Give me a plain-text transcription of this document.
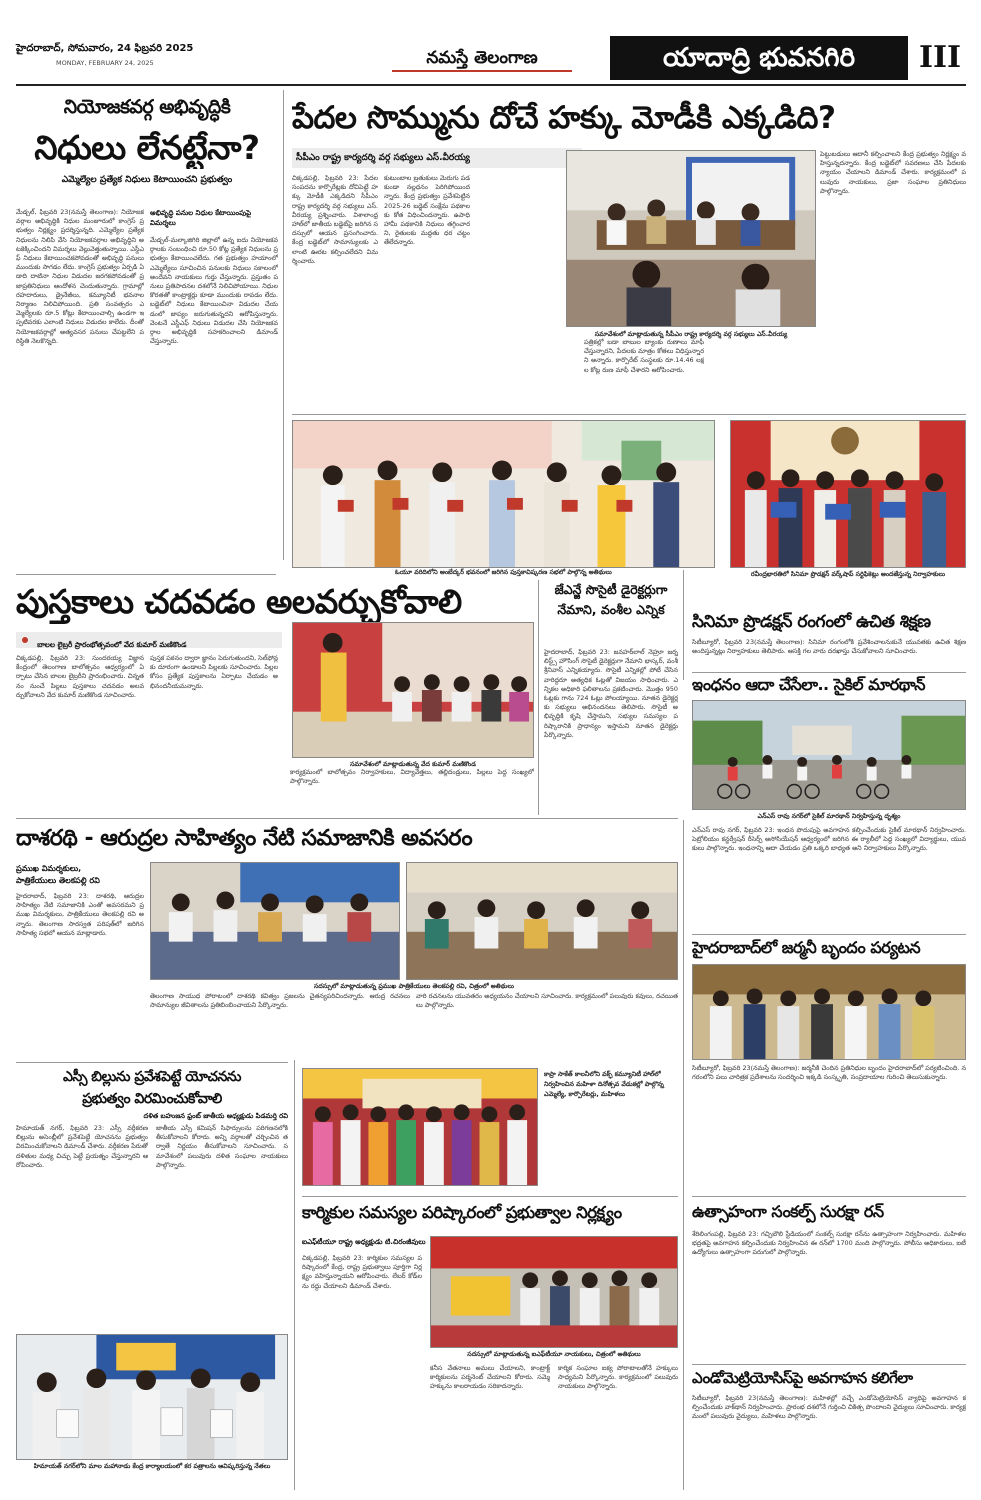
హైదరాబాద్, సోమవారం, 24 ఫిబ్రవరి 2025
MONDAY, FEBRUARY 24, 2025	నమస్తే తెలంగాణ	యాదాద్రి భువనగిరి	III
నియోజకవర్గ అభివృద్ధికి
నిధులు లేనట్టేనా?
ఎమ్మెల్యేల ప్రత్యేక నిధులు కేటాయించని ప్రభుత్వం
మేడ్చల్, ఫిబ్రవరి 23(నమస్తే తెలంగాణ): నియోజకవర్గాల అభివృద్ధికి నిధుల మంజూరులో కాంగ్రెస్ ప్రభుత్వం నిర్లక్ష్యం ప్రదర్శిస్తున్నది. ఎమ్మెల్యేల ప్రత్యేక నిధులను నిలిపి వేసి నియోజకవర్గాల అభివృద్ధిని అటకెక్కించిందని విమర్శలు వెల్లువెత్తుతున్నాయి. ఎస్డీఎఫ్ నిధులు కేటాయించకపోవడంతో అభివృద్ధి పనులు ముందుకు సాగడం లేదు. కాంగ్రెస్ ప్రభుత్వం ఏర్పడి ఏడాది దాటినా నిధుల విడుదల జరగకపోవడంతో ప్రజాప్రతినిధులు ఆందోళన చెందుతున్నారు. గ్రామాల్లో రహదారులు, డ్రైనేజీలు, కమ్యూనిటీ భవనాల నిర్మాణం నిలిచిపోయింది. ప్రతి సంవత్సరం ఎమ్మెల్యేలకు రూ.5 కోట్లు కేటాయించాల్సి ఉండగా ఇప్పటివరకు ఎలాంటి నిధులు విడుదల కాలేదు. దీంతో నియోజకవర్గాల్లో అత్యవసర పనులు చేపట్టలేని పరిస్థితి నెలకొన్నది.
అభివృద్ధి పనుల నిధుల కేటాయింపుపై విమర్శలు
మేడ్చల్-మల్కాజిగిరి జిల్లాలో ఉన్న ఐదు నియోజకవర్గాలకు సంబంధించి రూ.50 కోట్ల ప్రత్యేక నిధులను ప్రభుత్వం కేటాయించలేదు. గత ప్రభుత్వం హయాంలో ఎమ్మెల్యేలు సూచించిన పనులకు నిధులు సకాలంలో అందేవని నాయకులు గుర్తు చేస్తున్నారు. ప్రస్తుతం పనులు ప్రతిపాదనల దశలోనే నిలిచిపోయాయి. నిధుల కొరతతో కాంట్రాక్టర్లు కూడా ముందుకు రావడం లేదు. బడ్జెట్‌లో నిధులు కేటాయించినా విడుదల చేయడంలో జాప్యం జరుగుతున్నదని ఆరోపిస్తున్నారు. వెంటనే ఎస్డీఎఫ్ నిధులు విడుదల చేసి నియోజకవర్గాల అభివృద్ధికి సహకరించాలని డిమాండ్ చేస్తున్నారు.
పేదల సొమ్మును దోచే హక్కు మోడీకి ఎక్కడిది?
సీపీఎం రాష్ట్ర కార్యదర్శి వర్గ సభ్యులు ఎస్.వీరయ్య
చిక్కడపల్లి, ఫిబ్రవరి 23: పేదల సంపదను కార్పొరేట్లకు దోచిపెట్టే హక్కు మోడీకి ఎక్కడిదని సీపీఎం రాష్ట్ర కార్యదర్శి వర్గ సభ్యులు ఎస్.వీరయ్య ప్రశ్నించారు. విశాలాంధ్ర హాల్‌లో జాతీయ బడ్జెట్‌పై జరిగిన సదస్సులో ఆయన ప్రసంగించారు. కేంద్ర బడ్జెట్‌లో సామాన్యులకు ఎలాంటి ఊరట కల్పించలేదని విమర్శించారు.
కుటుంబాల బ్రతుకులు మెరుగు పడకుండా నల్లధనం పెరిగిపోయిందన్నారు. కేంద్ర ప్రభుత్వం ప్రవేశపెట్టిన 2025-26 బడ్జెట్ సంక్షేమ పథకాలకు కోత విధించిందన్నారు. ఉపాధి హామీ పథకానికి నిధులు తగ్గించారని, రైతులకు మద్దతు ధర చట్టం తేలేదన్నారు.
పత్రికల్లో బడా బాబుల బ్యాంకు రుణాలు మాఫీ చేస్తున్నారని, పేదలకు మాత్రం కోతలు విధిస్తున్నారని అన్నారు. కార్పొరేట్ సంస్థలకు రూ.14.46 లక్షల కోట్ల రుణ మాఫీ చేశారని ఆరోపించారు.
పెట్టుబడులు ఆదానీ కల్పించాలని కేంద్ర ప్రభుత్వం నిర్లక్ష్యం వహిస్తున్నదన్నారు. కేంద్ర బడ్జెట్‌లో సవరణలు చేసి పేదలకు న్యాయం చేయాలని డిమాండ్ చేశారు. కార్యక్రమంలో పలువురు నాయకులు, ప్రజా సంఘాల ప్రతినిధులు పాల్గొన్నారు.
సమావేశంలో మాట్లాడుతున్న సీపీఎం రాష్ట్ర కార్యదర్శి వర్గ సభ్యులు ఎస్.వీరయ్య
ఓయూ వరిదిలోని అంబేద్కర్ భవనంలో జరిగిన పుస్తకావిష్కరణ సభలో పాల్గొన్న అతిథులు	రవీంద్రభారతిలో సినిమా ప్రొడక్షన్ వర్క్‌షాప్ సర్టిఫికెట్లు అందజేస్తున్న నిర్వాహకులు
పుస్తకాలు చదవడం అలవర్చుకోవాలి
బాలల లైబ్రరీ ప్రారంభోత్సవంలో వేద కుమార్ మణికొండ
చిక్కడపల్లి, ఫిబ్రవరి 23: సుందరయ్య విజ్ఞాన కేంద్రంలో తెలంగాణ బాలోత్సవం ఆధ్వర్యంలో ఏర్పాటు చేసిన బాలల లైబ్రరీని ప్రారంభించారు. చిన్నతనం నుంచే పిల్లలు పుస్తకాలు చదవడం అలవర్చుకోవాలని వేద కుమార్ మణికొండ సూచించారు.
పుస్తక పఠనం ద్వారా జ్ఞానం పెరుగుతుందని, సెల్‌ఫోన్లకు దూరంగా ఉండాలని పిల్లలకు సూచించారు. పిల్లల కోసం ప్రత్యేక పుస్తకాలను ఏర్పాటు చేయడం అభినందనీయమన్నారు.
కార్యక్రమంలో బాలోత్సవం నిర్వాహకులు, విద్యావేత్తలు, తల్లిదండ్రులు, పిల్లలు పెద్ద సంఖ్యలో పాల్గొన్నారు.
సమావేశంలో మాట్లాడుతున్న వేద కుమార్ మణికొండ
జేఎన్జే సొసైటీ డైరెక్టర్లుగా నేమాని, వంశీల ఎన్నిక
హైదరాబాద్, ఫిబ్రవరి 23: జవహర్‌లాల్ నెహ్రూ జర్నలిస్ట్స్ హౌసింగ్ సొసైటీ డైరెక్టర్లుగా నేమాని భాస్కర్, వంశీ శ్రీనివాస్ ఎన్నికయ్యారు. సొసైటీ ఎన్నికల్లో పోటీ చేసిన వారిద్దరూ అత్యధిక ఓట్లతో విజయం సాధించారు. ఎన్నికల అధికారి ఫలితాలను ప్రకటించారు. మొత్తం 950 ఓట్లకు గాను 724 ఓట్లు పోలయ్యాయి. నూతన డైరెక్టర్లకు సభ్యులు అభినందనలు తెలిపారు. సొసైటీ అభివృద్ధికి కృషి చేస్తామని, సభ్యుల సమస్యల పరిష్కారానికి ప్రాధాన్యం ఇస్తామని నూతన డైరెక్టర్లు పేర్కొన్నారు.
సినిమా ప్రొడక్షన్ రంగంలో ఉచిత శిక్షణ
సిటీబ్యూరో, ఫిబ్రవరి 23(నమస్తే తెలంగాణ): సినిమా రంగంలోకి ప్రవేశించాలనుకునే యువతకు ఉచిత శిక్షణ అందిస్తున్నట్లు నిర్వాహకులు తెలిపారు. ఆసక్తి గల వారు దరఖాస్తు చేసుకోవాలని సూచించారు.
ఇంధనం ఆదా చేసేలా.. సైకిల్ మారథాన్
ఎన్‌ఎస్ రావు నగర్‌లో సైకిల్ మారథాన్ నిర్వహిస్తున్న దృశ్యం
ఎన్‌ఎస్ రావు నగర్, ఫిబ్రవరి 23: ఇంధన పొదుపుపై అవగాహన కల్పించేందుకు సైకిల్ మారథాన్ నిర్వహించారు. పెట్రోలియం కన్జర్వేషన్ రీసెర్చ్ అసోసియేషన్ ఆధ్వర్యంలో జరిగిన ఈ ర్యాలీలో పెద్ద సంఖ్యలో విద్యార్థులు, యువకులు పాల్గొన్నారు. ఇంధనాన్ని ఆదా చేయడం ప్రతి ఒక్కరి బాధ్యత అని నిర్వాహకులు పేర్కొన్నారు.
దాశరథి - ఆరుద్రల సాహిత్యం నేటి సమాజానికి అవసరం
ప్రముఖ విమర్శకులు,
పాత్రికేయులు తెలకపల్లి రవి
హైదరాబాద్, ఫిబ్రవరి 23: దాశరథి, ఆరుద్రల సాహిత్యం నేటి సమాజానికి ఎంతో అవసరమని ప్రముఖ విమర్శకులు, పాత్రికేయులు తెలకపల్లి రవి అన్నారు. తెలంగాణ సారస్వత పరిషత్‌లో జరిగిన సాహిత్య సభలో ఆయన మాట్లాడారు.
తెలంగాణ సాయుధ పోరాటంలో దాశరథి కవిత్వం ప్రజలను చైతన్యపరిచిందన్నారు. ఆరుద్ర రచనలు సామాన్యుల జీవితాలను ప్రతిబింబించాయని పేర్కొన్నారు.
వారి రచనలను యువతరం అధ్యయనం చేయాలని సూచించారు. కార్యక్రమంలో పలువురు కవులు, రచయితలు పాల్గొన్నారు.
సదస్సులో మాట్లాడుతున్న ప్రముఖ పాత్రికేయులు తెలకపల్లి రవి, చిత్రంలో అతిథులు
హైదరాబాద్‌లో జర్మనీ బృందం పర్యటన
సిటీబ్యూరో, ఫిబ్రవరి 23(నమస్తే తెలంగాణ): జర్మనీకి చెందిన ప్రతినిధుల బృందం హైదరాబాద్‌లో పర్యటించింది. నగరంలోని పలు చారిత్రక ప్రదేశాలను సందర్శించి ఇక్కడి సంస్కృతి, సంప్రదాయాల గురించి తెలుసుకున్నారు.
ఎస్సీ బిల్లును ప్రవేశపెట్టే యోచనను
ప్రభుత్వం విరమించుకోవాలి
దళిత బహుజన ఫ్రంట్ జాతీయ అధ్యక్షుడు పిడమర్తి రవి
హిమాయత్ నగర్, ఫిబ్రవరి 23: ఎస్సీ వర్గీకరణ బిల్లును అసెంబ్లీలో ప్రవేశపెట్టే యోచనను ప్రభుత్వం విరమించుకోవాలని డిమాండ్ చేశారు. వర్గీకరణ పేరుతో దళితుల మధ్య చిచ్చు పెట్టే ప్రయత్నం చేస్తున్నారని ఆరోపించారు.
జాతీయ ఎస్సీ కమిషన్ సిఫార్సులను పరిగణనలోకి తీసుకోవాలని కోరారు. అన్ని వర్గాలతో చర్చించిన తర్వాతే నిర్ణయం తీసుకోవాలని సూచించారు. సమావేశంలో పలువురు దళిత సంఘాల నాయకులు పాల్గొన్నారు.
హిమాయత్ నగర్‌లోని మాల మహానాడు కేంద్ర కార్యాలయంలో కర పత్రాలను ఆవిష్కరిస్తున్న నేతలు
కాప్రా సాకేత్ కాలనీలోని వక్ఫ్ కమ్యూనిటీ హాల్‌లో నిర్వహించిన మహిళా దినోత్సవ వేడుకల్లో పాల్గొన్న ఎమ్మెల్యే, కార్పొరేటర్లు, మహిళలు
కార్మికుల సమస్యల పరిష్కారంలో ప్రభుత్వాల నిర్లక్ష్యం
ఐఎఫ్‌టీయూ రాష్ట్ర అధ్యక్షుడు టి.చిరంజీవులు
చిక్కడపల్లి, ఫిబ్రవరి 23: కార్మికుల సమస్యల పరిష్కారంలో కేంద్ర, రాష్ట్ర ప్రభుత్వాలు పూర్తిగా నిర్లక్ష్యం వహిస్తున్నాయని ఆరోపించారు. లేబర్ కోడ్‌లను రద్దు చేయాలని డిమాండ్ చేశారు.
కనీస వేతనాలు అమలు చేయాలని, కాంట్రాక్ట్ కార్మికులను పర్మనెంట్ చేయాలని కోరారు. సమ్మె హక్కును కాలరాయడం సరికాదన్నారు.
కార్మిక సంఘాల ఐక్య పోరాటాలతోనే హక్కులు సాధ్యమని పేర్కొన్నారు. కార్యక్రమంలో పలువురు నాయకులు పాల్గొన్నారు.
సదస్సులో మాట్లాడుతున్న ఐఎఫ్‌టీయూ నాయకులు, చిత్రంలో అతిథులు
ఉత్సాహంగా సంకల్ప్ సురక్షా రన్
శేరిలింగంపల్లి, ఫిబ్రవరి 23: గచ్చిబౌలి స్టేడియంలో సంకల్ప్ సురక్షా రన్‌ను ఉత్సాహంగా నిర్వహించారు. మహిళల భద్రతపై అవగాహన కల్పించేందుకు నిర్వహించిన ఈ రన్‌లో 1700 మంది పాల్గొన్నారు. పోలీసు అధికారులు, ఐటీ ఉద్యోగులు ఉత్సాహంగా పరుగులో పాల్గొన్నారు.
ఎండోమెట్రియోసిస్‌పై అవగాహన కలిగేలా
సిటీబ్యూరో, ఫిబ్రవరి 23(నమస్తే తెలంగాణ): మహిళల్లో వచ్చే ఎండోమెట్రియోసిస్ వ్యాధిపై అవగాహన కల్పించేందుకు వాక్‌థాన్ నిర్వహించారు. ప్రారంభ దశలోనే గుర్తించి చికిత్స పొందాలని వైద్యులు సూచించారు. కార్యక్రమంలో పలువురు వైద్యులు, మహిళలు పాల్గొన్నారు.
